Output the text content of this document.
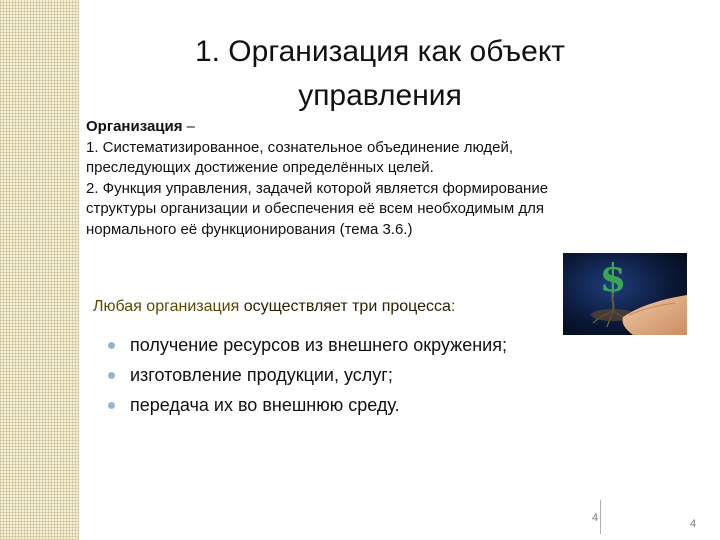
1. Организация как объект
управления
Организация –
1. Систематизированное, сознательное объединение людей,
преследующих достижение определённых целей.
2. Функция управления, задачей которой является формирование
структуры организации и обеспечения её всем необходимым для
нормального её функционирования (тема 3.6.)
$
Любая организация осуществляет три процесса:
получение ресурсов из внешнего окружения;
изготовление продукции, услуг;
передача их во внешнюю среду.
4	4
